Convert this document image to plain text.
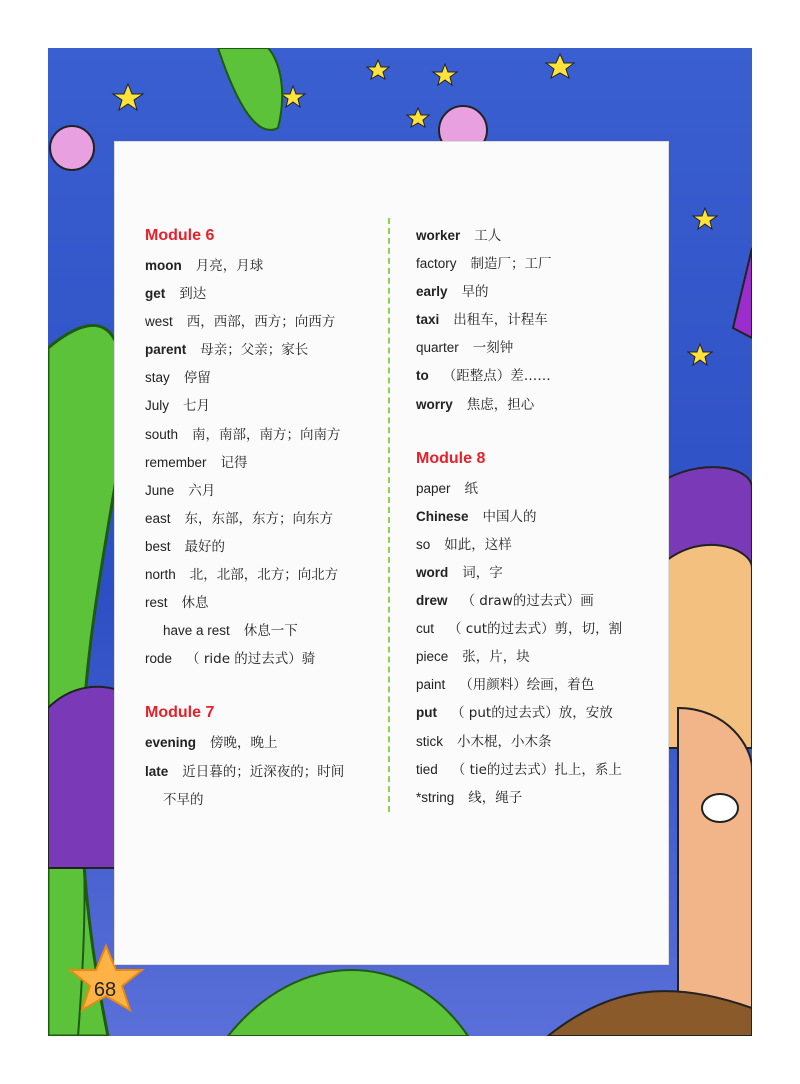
Module 6
moon 月亮，月球
get 到达
west 西，西部，西方；向西方
parent 母亲；父亲；家长
stay 停留
July 七月
south 南，南部，南方；向南方
remember 记得
June 六月
east 东，东部，东方；向东方
best 最好的
north 北，北部，北方；向北方
rest 休息
have a rest 休息一下
rode （ ride 的过去式）骑
Module 7
evening 傍晚，晚上
late 近日暮的；近深夜的；时间
不早的
worker 工人
factory 制造厂；工厂
early 早的
taxi 出租车，计程车
quarter 一刻钟
to （距整点）差……
worry 焦虑，担心
Module 8
paper 纸
Chinese 中国人的
so 如此，这样
word 词，字
drew （ draw的过去式）画
cut （ cut的过去式）剪，切，割
piece 张，片，块
paint （用颜料）绘画，着色
put （ put的过去式）放，安放
stick 小木棍，小木条
tied （ tie的过去式）扎上，系上
*string 线，绳子
68
